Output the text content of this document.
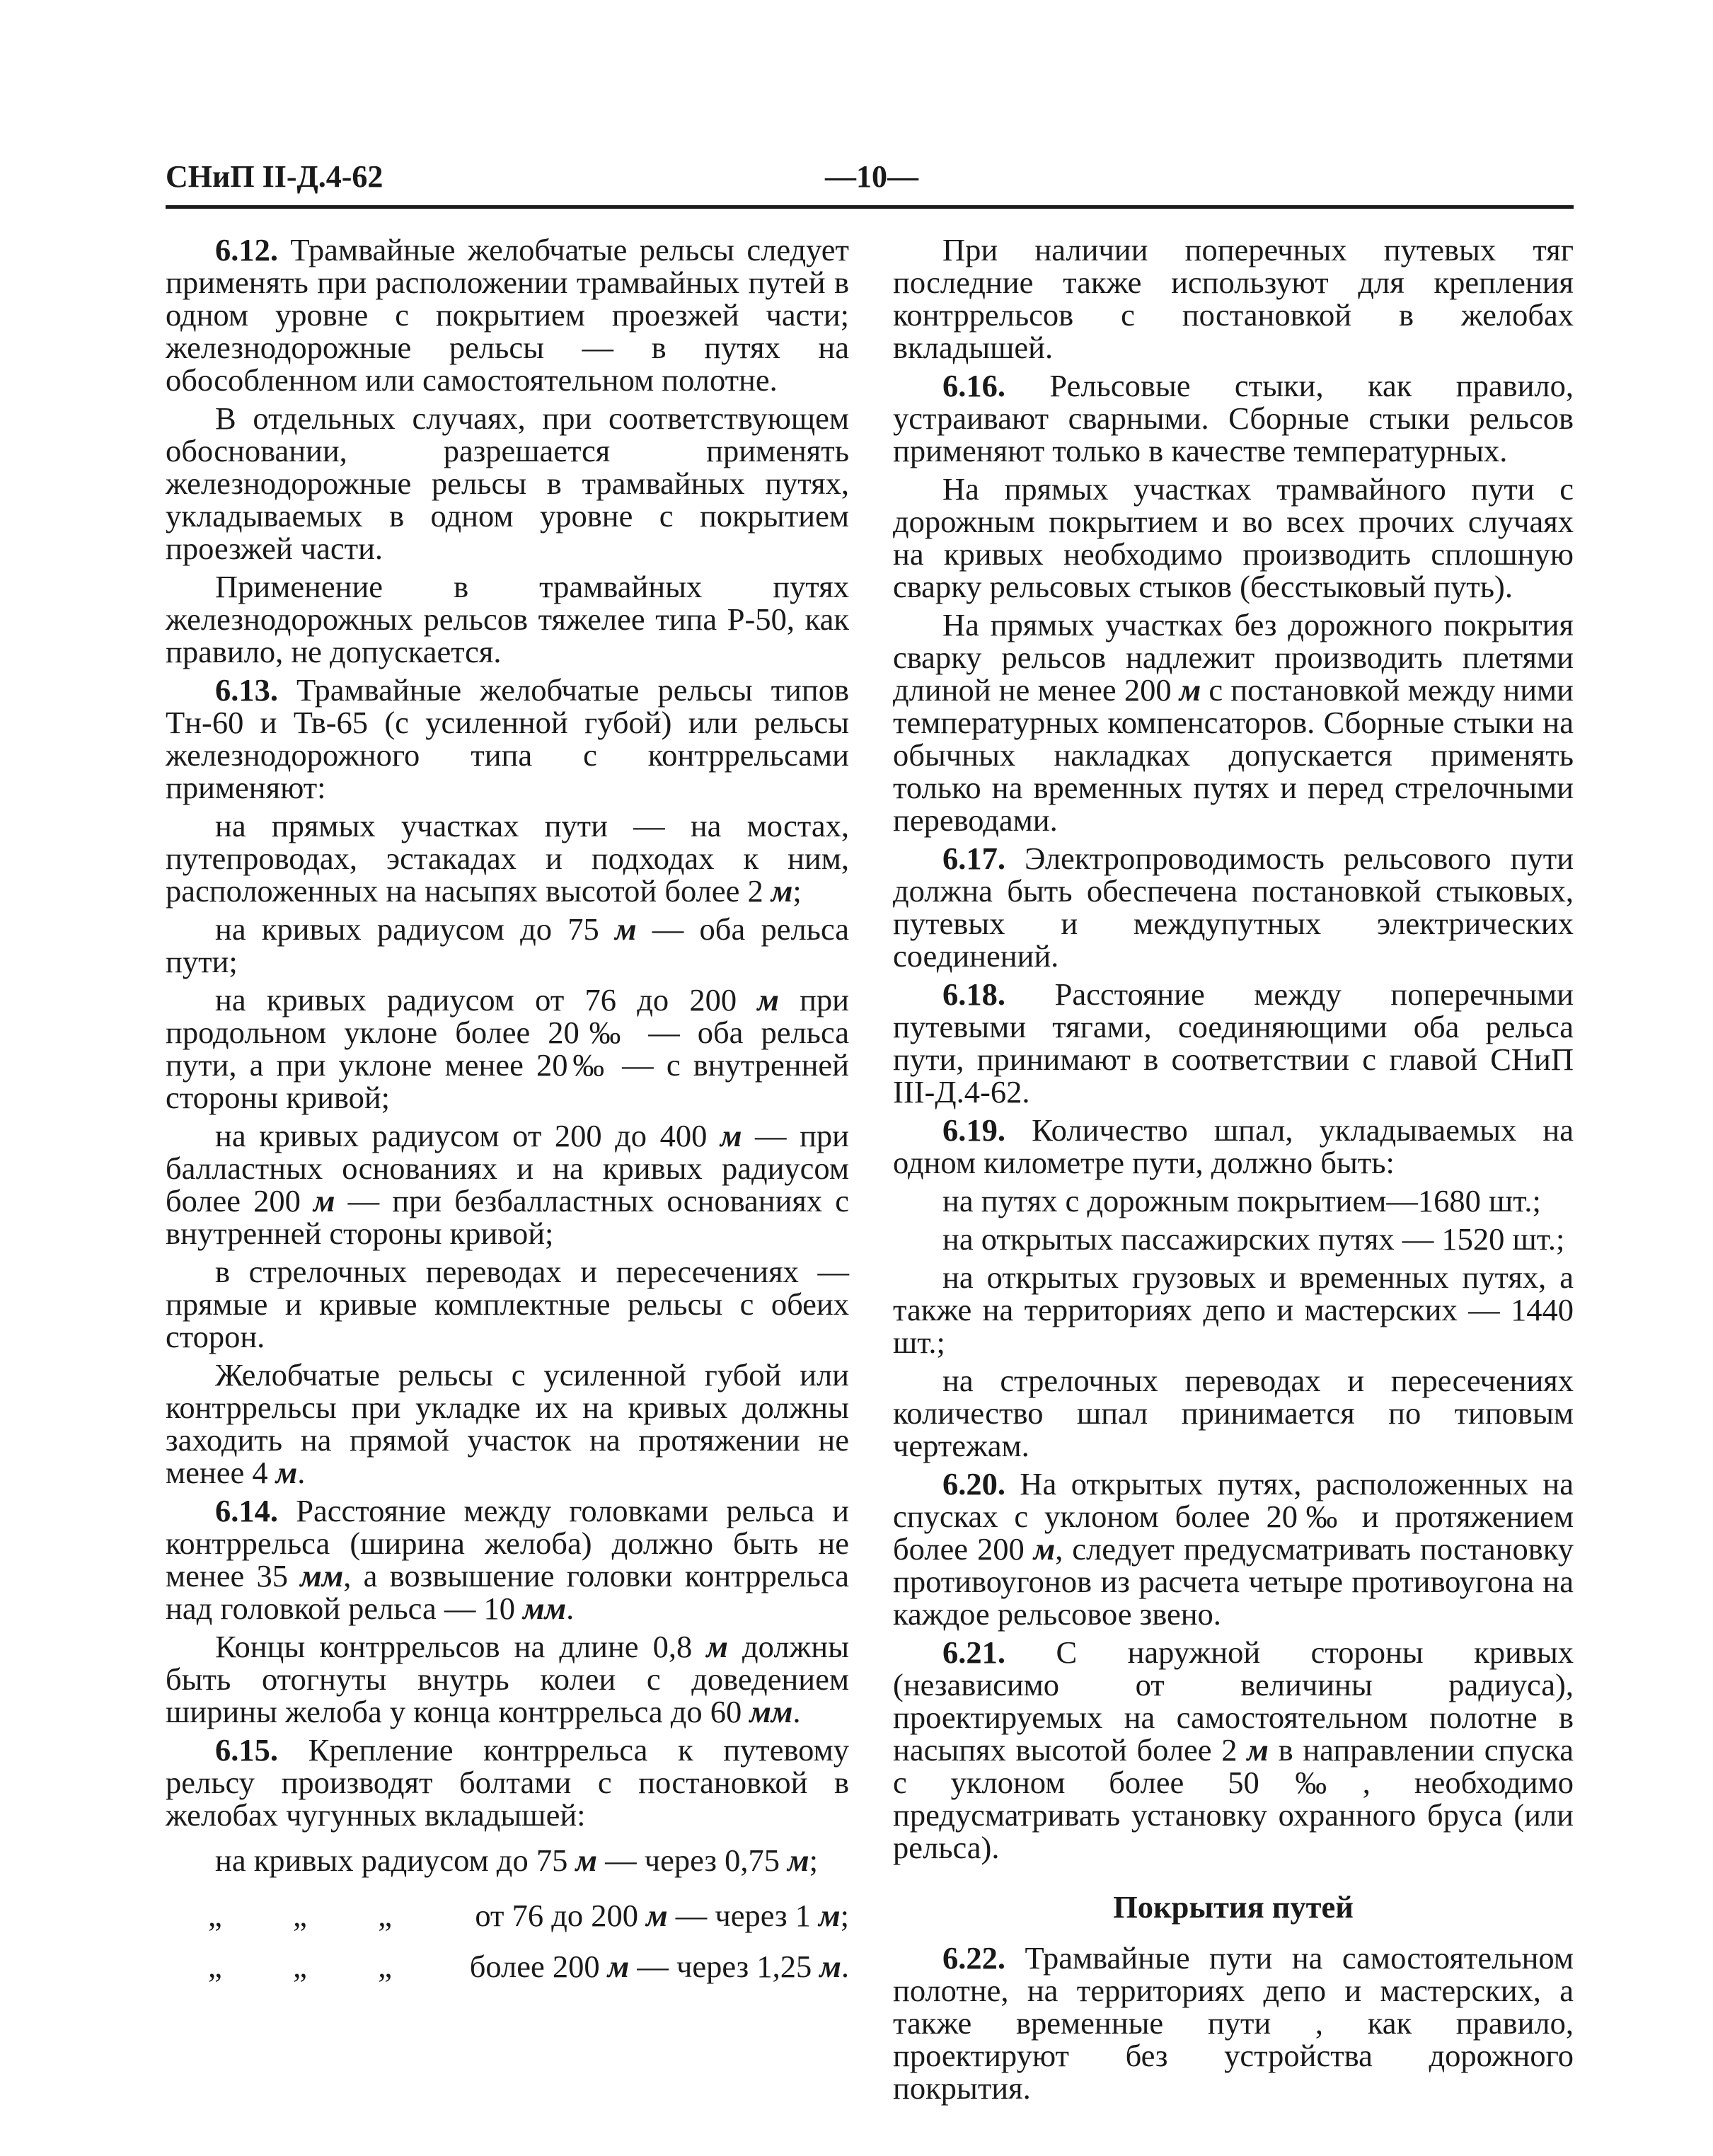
СНиП II-Д.4-62	—10—

6.12. Трамвайные желобчатые рельсы следует применять при расположении трамвайных путей в одном уровне с покрытием проезжей части; железнодорожные рельсы — в путях на обособленном или самостоятельном полотне.

В отдельных случаях, при соответствующем обосновании, разрешается применять железнодорожные рельсы в трамвайных путях, укладываемых в одном уровне с покрытием проезжей части.

Применение в трамвайных путях железнодорожных рельсов тяжелее типа Р-50, как правило, не допускается.

6.13. Трамвайные желобчатые рельсы типов Тн-60 и Тв-65 (с усиленной губой) или рельсы железнодорожного типа с контррельсами применяют:

на прямых участках пути — на мостах, путепроводах, эстакадах и подходах к ним, расположенных на насыпях высотой более 2 м;

на кривых радиусом до 75 м — оба рельса пути;

на кривых радиусом от 76 до 200 м при продольном уклоне более 20‰ — оба рельса пути, а при уклоне менее 20‰ — с внутренней стороны кривой;

на кривых радиусом от 200 до 400 м — при балластных основаниях и на кривых радиусом более 200 м — при безбалластных основаниях с внутренней стороны кривой;

в стрелочных переводах и пересечениях — прямые и кривые комплектные рельсы с обеих сторон.

Желобчатые рельсы с усиленной губой или контррельсы при укладке их на кривых должны заходить на прямой участок на протяжении не менее 4 м.

6.14. Расстояние между головками рельса и контррельса (ширина желоба) должно быть не менее 35 мм, а возвышение головки контррельса над головкой рельса — 10 мм.

Концы контррельсов на длине 0,8 м должны быть отогнуты внутрь колеи с доведением ширины желоба у конца контррельса до 60 мм.

6.15. Крепление контррельса к путевому рельсу производят болтами с постановкой в желобах чугунных вкладышей:

на кривых радиусом до 75 м — через 0,75 м;
„ „ „	от 76 до 200 м — через 1 м;
„ „ „	более 200 м — через 1,25 м.

При наличии поперечных путевых тяг последние также используют для крепления контррельсов с постановкой в желобах вкладышей.

6.16. Рельсовые стыки, как правило, устраивают сварными. Сборные стыки рельсов применяют только в качестве температурных.

На прямых участках трамвайного пути с дорожным покрытием и во всех прочих случаях на кривых необходимо производить сплошную сварку рельсовых стыков (бесстыковый путь).

На прямых участках без дорожного покрытия сварку рельсов надлежит производить плетями длиной не менее 200 м с постановкой между ними температурных компенсаторов. Сборные стыки на обычных накладках допускается применять только на временных путях и перед стрелочными переводами.

6.17. Электропроводимость рельсового пути должна быть обеспечена постановкой стыковых, путевых и междупутных электрических соединений.

6.18. Расстояние между поперечными путевыми тягами, соединяющими оба рельса пути, принимают в соответствии с главой СНиП III-Д.4-62.

6.19. Количество шпал, укладываемых на одном километре пути, должно быть:

на путях с дорожным покрытием—1680 шт.;

на открытых пассажирских путях — 1520 шт.;

на открытых грузовых и временных путях, а также на территориях депо и мастерских — 1440 шт.;

на стрелочных переводах и пересечениях количество шпал принимается по типовым чертежам.

6.20. На открытых путях, расположенных на спусках с уклоном более 20‰ и протяжением более 200 м, следует предусматривать постановку противоугонов из расчета четыре противоугона на каждое рельсовое звено.

6.21. С наружной стороны кривых (независимо от величины радиуса), проектируемых на самостоятельном полотне в насыпях высотой более 2 м в направлении спуска с уклоном более 50‰, необходимо предусматривать установку охранного бруса (или рельса).

Покрытия путей

6.22. Трамвайные пути на самостоятельном полотне, на территориях депо и мастерских, а также временные пути , как правило, проектируют без устройства дорожного покрытия.
